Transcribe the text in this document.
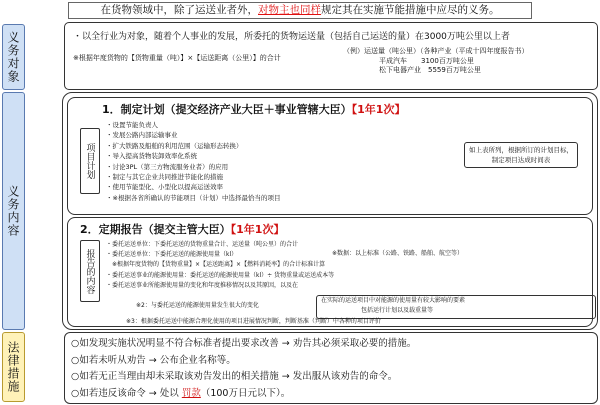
在货物领域中，除了运送业者外，对物主也同样规定其在实施节能措施中应尽的义务。
义务对象
义务内容
法律措施
・以全行业为对象，随着个人事业的发展，所委托的货物运送量（包括自己运送的量）在3000万吨公里以上者
※根据年度货物的【货物重量（吨）】×【运送距离（公里）】的合计
（例）运送量（吨公里）（各种产业（平成十四年度报告书）
平成汽车　　3100百万吨公里
松下电器产业　5559百万吨公里
1．制定计划（提交经济产业大臣＋事业管辖大臣）【1年1次】
项目计划
・设置节能负责人
・发展公路内部运输事业
・扩大铁路及船舶的利用范围（运输形态转换）
・导入提高货物装卸效率化系统
・讨论3PL（第三方物流服务业者）的应用
・制定与其它企业共同推进节能化的措施
・使用节能型化、小型化以提高运送效率
・※根据各省所确认的节能项目（计划）中选择最恰当的项目
如上表所列，根据所订的计划目标，
制定项目达成时间表
2．定期报告（提交主管大臣）【1年1次】
报告的内容
・委托运送单位：下委托运送的货物重量合计、运送量（吨公里）的合计
・委托运送单位：下委托运送的能源使用量（kl）
　※根据年度货物的【货物重量】×【运送距离】×【燃料消耗率】的合计标准计算
・委托运送事业的能源使用量：委托运送的能源使用量（kl）÷ 货物重量或运送成本等
・委托运送事业所能源使用量的变化和年度推移情况以及其原因，以及在
※数据：以上标准（公路、铁路、船舶、航空等）
在实际的运送项目中对能源的使用量有较大影响的要素
包括运行计划以及载重量等
※2：与委托运送的能源使用量发生很大的变化
※3：根据委托运送中能源合理化使用的项目进展情况判断，判断基准（判断）中各种的项目评价
○如发现实施状况明显不符合标准者提出要求改善 → 劝告其必须采取必要的措施。
○如若未听从劝告 → 公布企业名称等。
○如若无正当理由却未采取该劝告发出的相关措施 → 发出服从该劝告的命令。
○如若违反该命令 → 处以 罚款（100万日元以下）。
